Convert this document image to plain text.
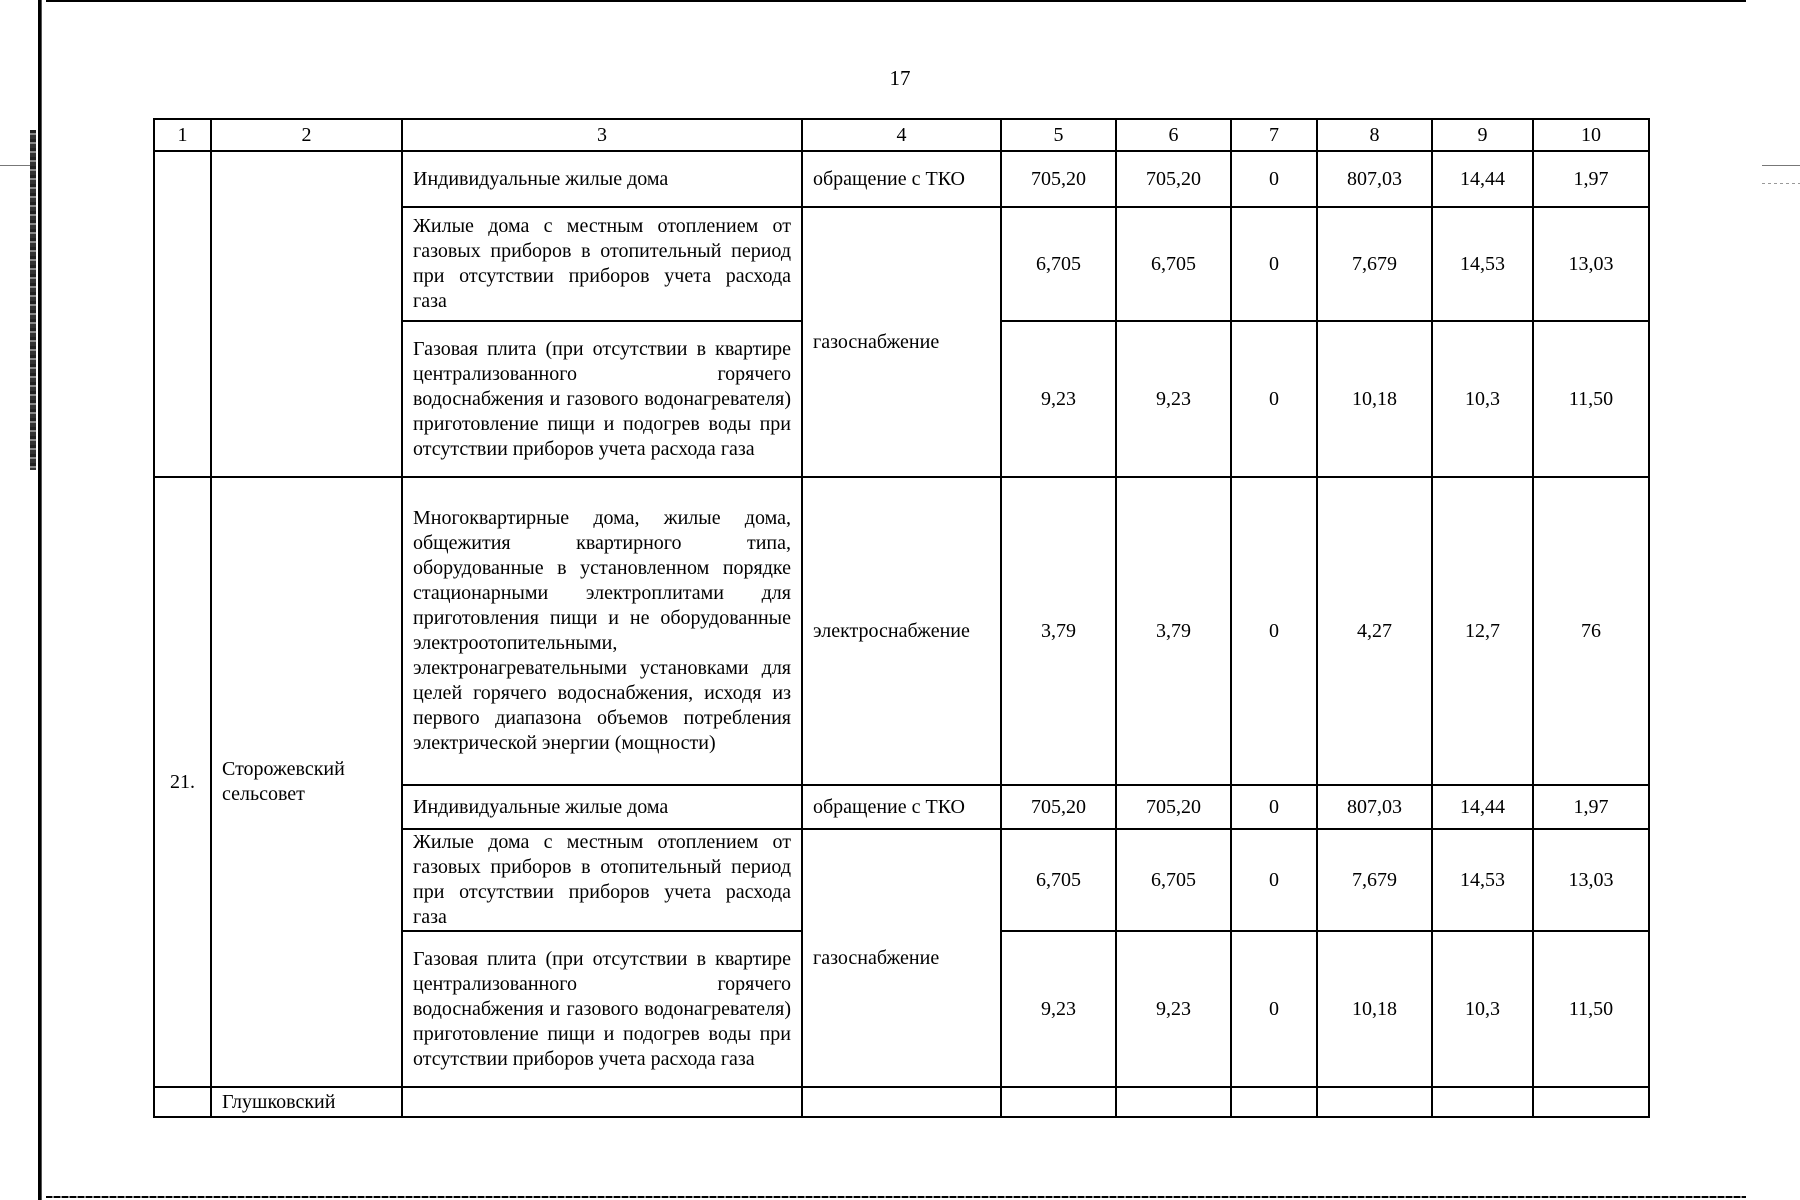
17
1	2	3	4	5	6	7	8	9	10
		Индивидуальные жилые дома	обращение с ТКО	705,20	705,20	0	807,03	14,44	1,97
		Жилые дома с местным отоплением от газовых приборов в отопительный период при отсутствии приборов учета расхода газа	газоснабжение	6,705	6,705	0	7,679	14,53	13,03
		Газовая плита (при отсутствии в квартире централизованного горячего водоснабжения и газового водонагревателя) приготовление пищи и подогрев воды при отсутствии приборов учета расхода газа		9,23	9,23	0	10,18	10,3	11,50
21.	Сторожевский сельсовет	Многоквартирные дома, жилые дома, общежития квартирного типа, оборудованные в установленном порядке стационарными электроплитами для приготовления пищи и не оборудованные электроотопительными, электронагревательными установками для целей горячего водоснабжения, исходя из первого диапазона объемов потребления электрической энергии (мощности)	электроснабжение	3,79	3,79	0	4,27	12,7	76
		Индивидуальные жилые дома	обращение с ТКО	705,20	705,20	0	807,03	14,44	1,97
		Жилые дома с местным отоплением от газовых приборов в отопительный период при отсутствии приборов учета расхода газа	газоснабжение	6,705	6,705	0	7,679	14,53	13,03
		Газовая плита (при отсутствии в квартире централизованного горячего водоснабжения и газового водонагревателя) приготовление пищи и подогрев воды при отсутствии приборов учета расхода газа		9,23	9,23	0	10,18	10,3	11,50
	Глушковский								
